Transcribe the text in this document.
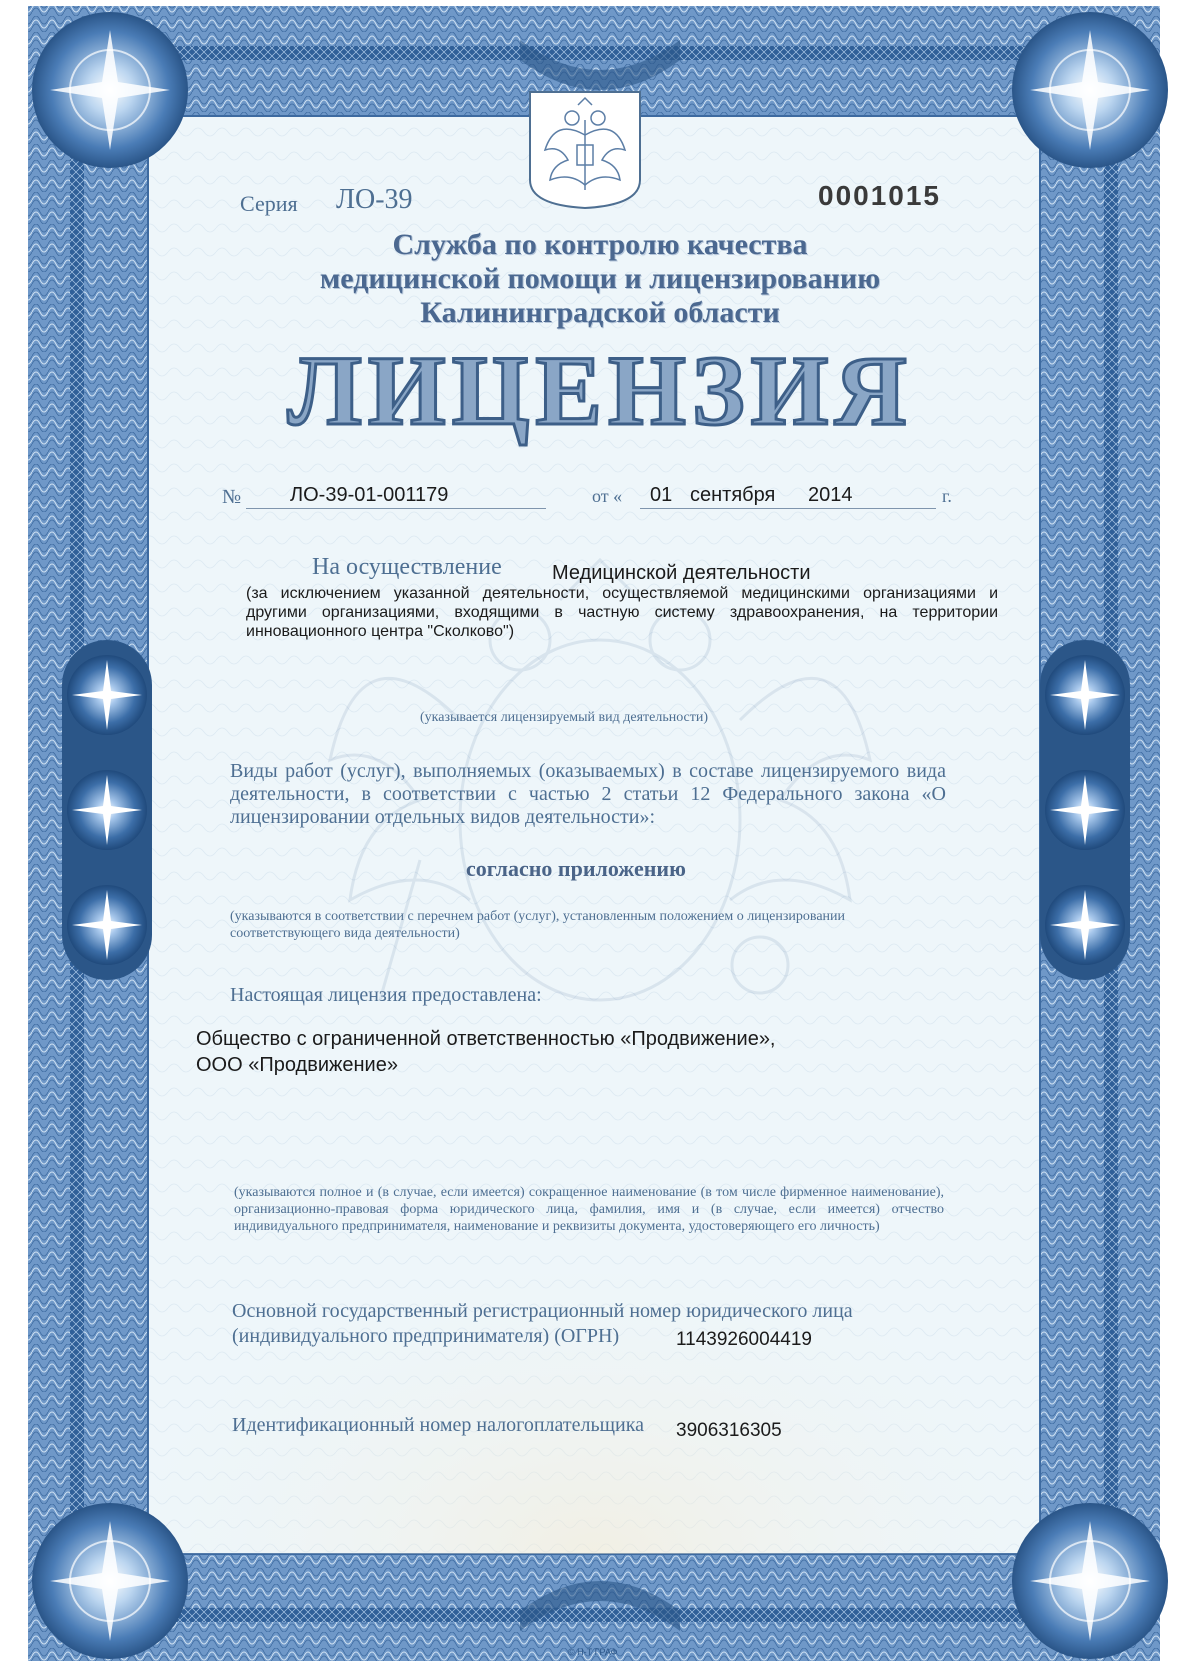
Серия ЛО-39	0001015

Служба по контролю качества
медицинской помощи и лицензированию
Калининградской области

ЛИЦЕНЗИЯ

№ ЛО-39-01-001179	от « 01 сентября 2014	г.

На осуществление	Медицинской деятельности

(за исключением указанной деятельности, осуществляемой медицинскими организациями и другими организациями, входящими в частную систему здравоохранения, на территории инновационного центра "Сколково")

(указывается лицензируемый вид деятельности)

Виды работ (услуг), выполняемых (оказываемых) в составе лицензируемого вида деятельности, в соответствии с частью 2 статьи 12 Федерального закона «О лицензировании отдельных видов деятельности»:

согласно приложению

(указываются в соответствии с перечнем работ (услуг), установленным положением о лицензировании соответствующего вида деятельности)

Настоящая лицензия предоставлена:

Общество с ограниченной ответственностью «Продвижение»,

ООО «Продвижение»

(указываются полное и (в случае, если имеется) сокращенное наименование (в том числе фирменное наименование), организационно-правовая форма юридического лица, фамилия, имя и (в случае, если имеется) отчество индивидуального предпринимателя, наименование и реквизиты документа, удостоверяющего его личность)

Основной государственный регистрационный номер юридического лица

(индивидуального предпринимателя) (ОГРН)	1143926004419

Идентификационный номер налогоплательщика 3906316305

© Н-Т ГРАФ
